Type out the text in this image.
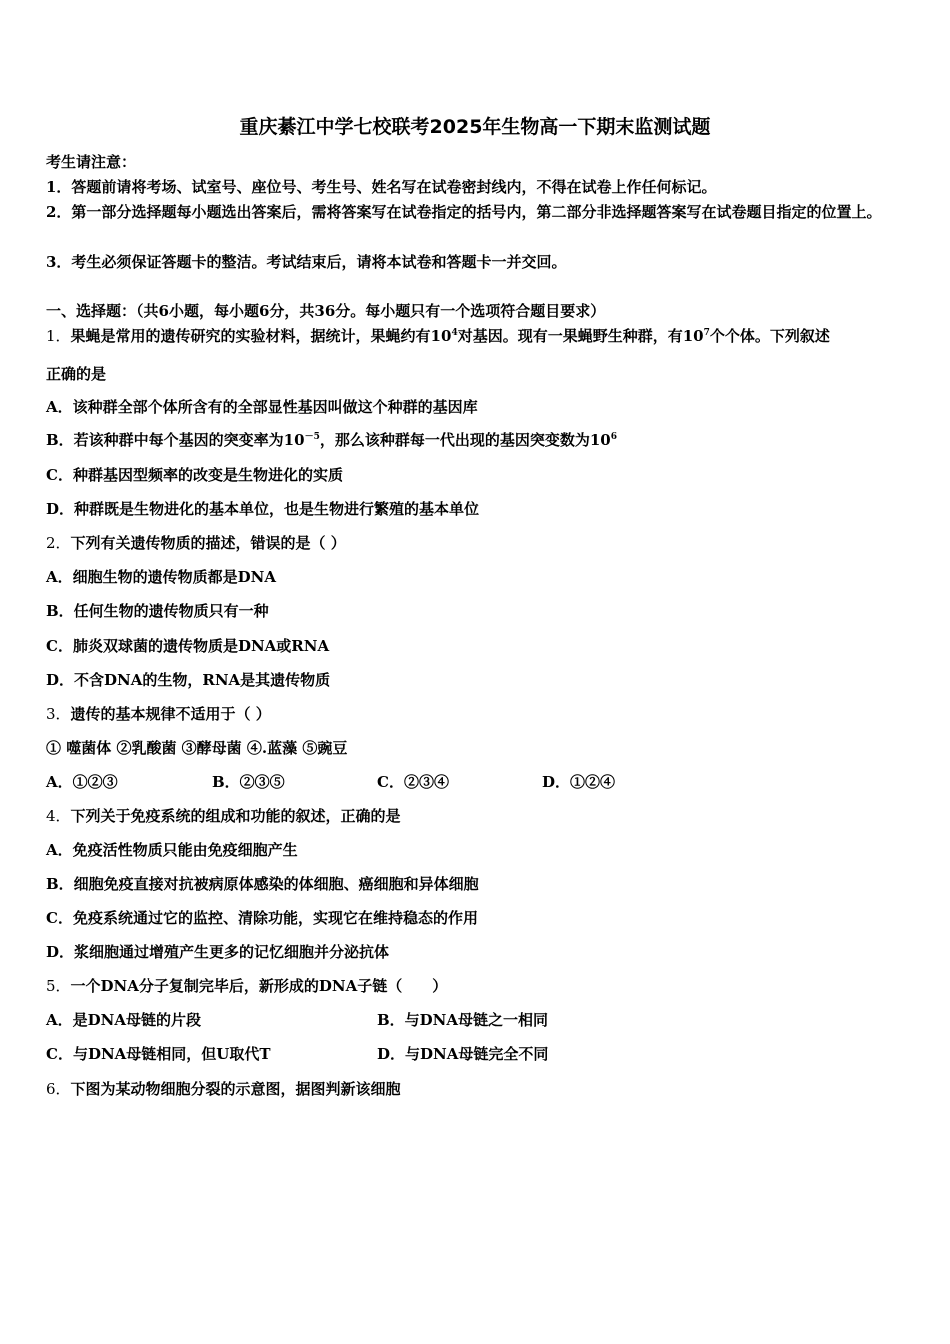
重庆綦江中学七校联考2025年生物高一下期末监测试题
考生请注意：
1．答题前请将考场、试室号、座位号、考生号、姓名写在试卷密封线内，不得在试卷上作任何标记。
2．第一部分选择题每小题选出答案后，需将答案写在试卷指定的括号内，第二部分非选择题答案写在试卷题目指定的位置上。
3．考生必须保证答题卡的整洁。考试结束后，请将本试卷和答题卡一并交回。
一、选择题：（共6小题，每小题6分，共36分。每小题只有一个选项符合题目要求）
1．果蝇是常用的遗传研究的实验材料，据统计，果蝇约有$10^4$对基因。现有一果蝇野生种群，有$10^7$个个体。下列叙述
正确的是
A．该种群全部个体所含有的全部显性基因叫做这个种群的基因库
B．若该种群中每个基因的突变率为$10^{-5}$，那么该种群每一代出现的基因突变数为$10^6$
C．种群基因型频率的改变是生物进化的实质
D．种群既是生物进化的基本单位，也是生物进行繁殖的基本单位
2．下列有关遗传物质的描述，错误的是（ ）
A．细胞生物的遗传物质都是DNA
B．任何生物的遗传物质只有一种
C．肺炎双球菌的遗传物质是DNA或RNA
D．不含DNA的生物，RNA是其遗传物质
3．遗传的基本规律不适用于（ ）
① 噬菌体 ②乳酸菌 ③酵母菌 ④.蓝藻 ⑤豌豆
A．①②③	B．②③⑤	C．②③④	D．①②④
4．下列关于免疫系统的组成和功能的叙述，正确的是
A．免疫活性物质只能由免疫细胞产生
B．细胞免疫直接对抗被病原体感染的体细胞、癌细胞和异体细胞
C．免疫系统通过它的监控、清除功能，实现它在维持稳态的作用
D．浆细胞通过增殖产生更多的记忆细胞并分泌抗体
5．一个DNA分子复制完毕后，新形成的DNA子链（　　）
A．是DNA母链的片段	B．与DNA母链之一相同
C．与DNA母链相同，但U取代T	D．与DNA母链完全不同
6．下图为某动物细胞分裂的示意图，据图判新该细胞
